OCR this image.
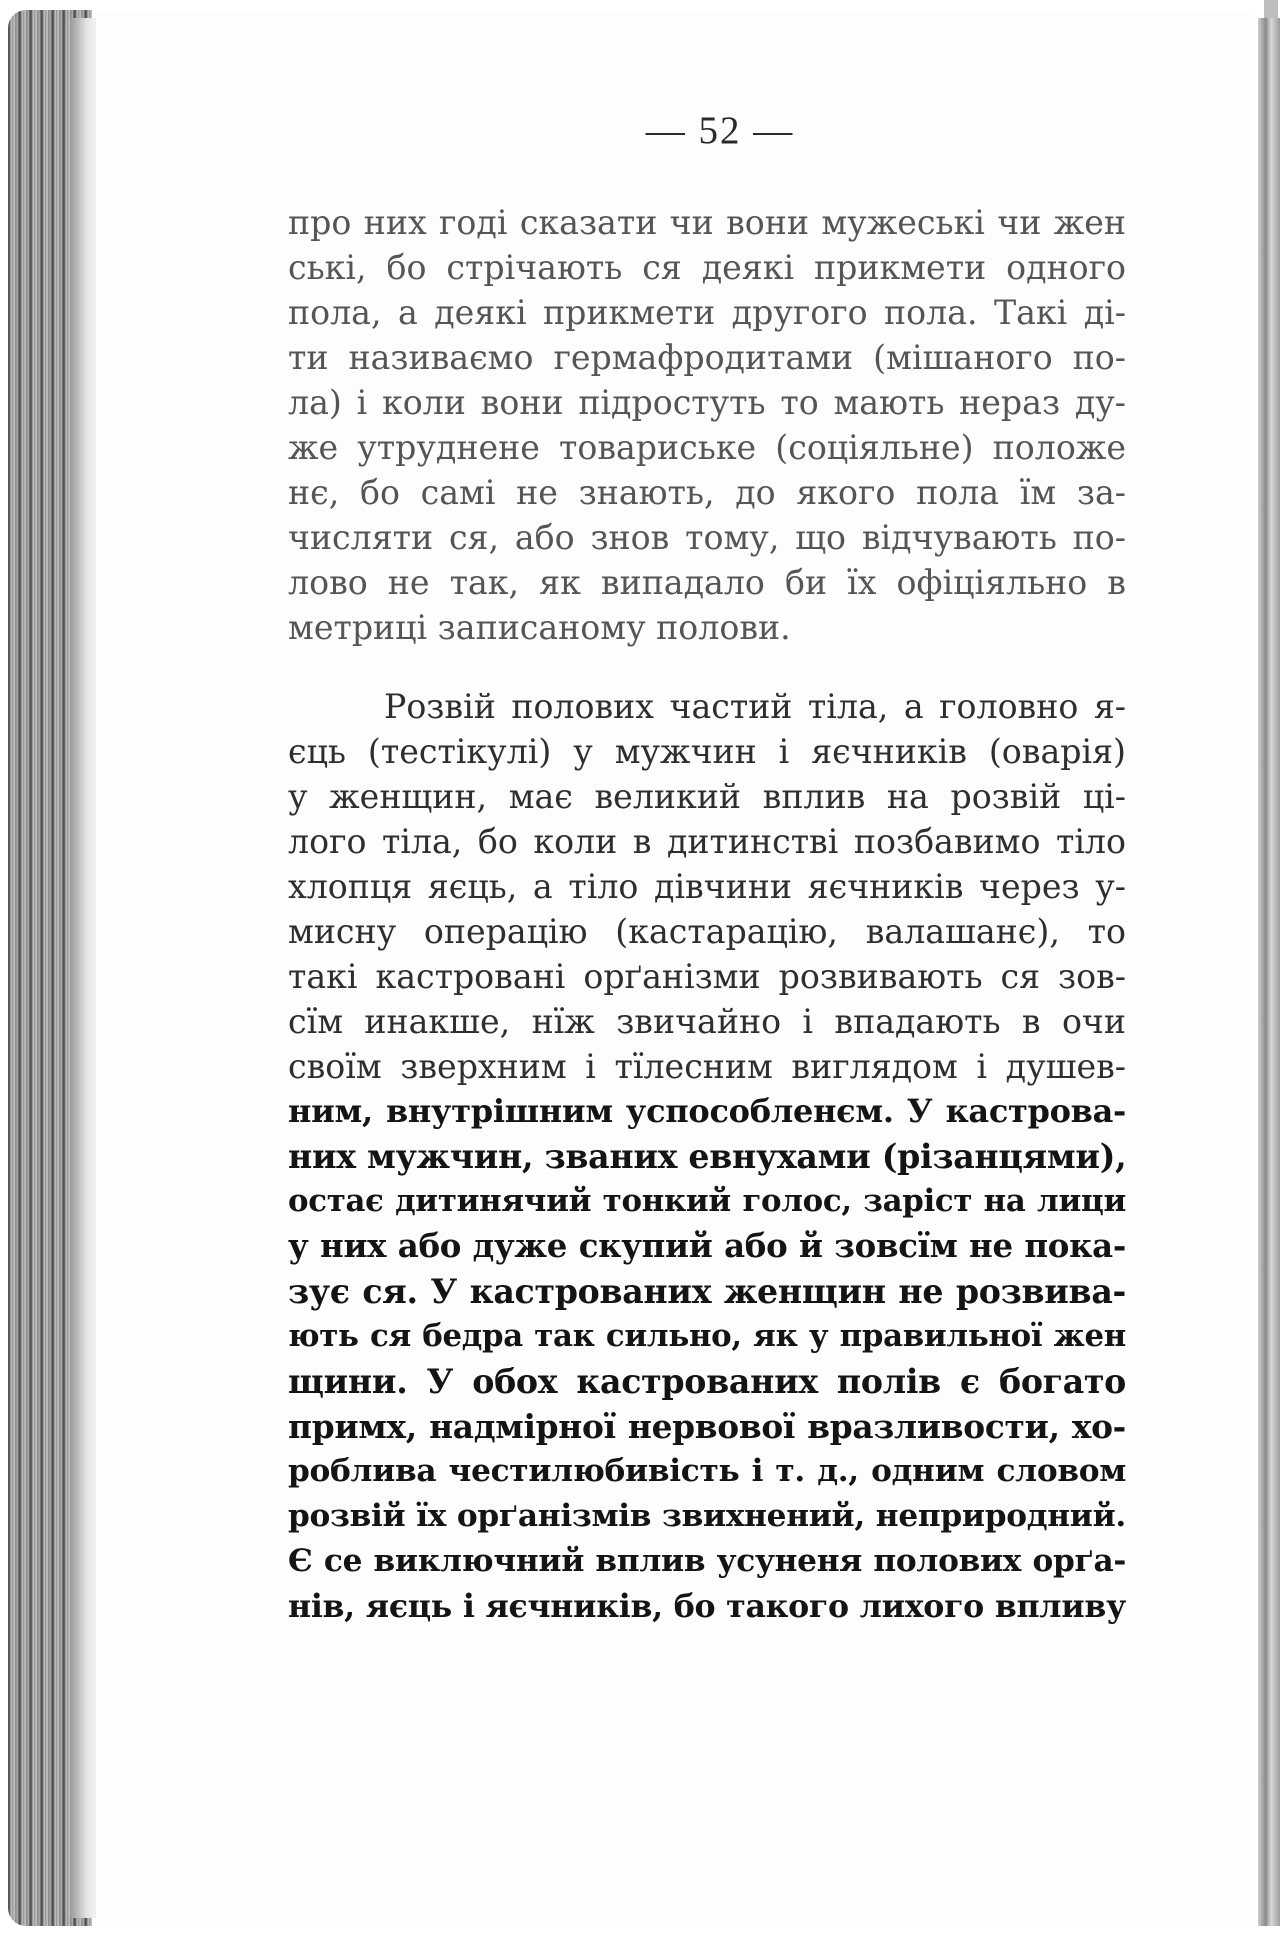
— 52 —
про них годі сказати чи вони мужеські чи жен
ські, бо стрічають ся деякі прикмети одного
пола, а деякі прикмети другого пола. Такі ді-
ти називаємо гермафродитами (мішаного по-
ла) і коли вони підростуть то мають нераз ду-
же утруднене товариське (соціяльне) положе
нє, бо самі не знають, до якого пола їм за-
числяти ся, або знов тому, що відчувають по-
лово не так, як випадало би їх офіціяльно в
метриці записаному полови.
Розвій полових частий тіла, а головно я-
єць (тестікулі) у мужчин і яєчників (оварія)
у женщин, має великий вплив на розвій ці-
лого тіла, бо коли в дитинстві позбавимо тіло
хлопця яєць, а тіло дівчини яєчників через у-
мисну операцію (кастарацію, валашанє), то
такі кастровані орґанізми розвивають ся зов-
сїм инакше, нїж звичайно і впадають в очи
своїм зверхним і тїлесним виглядом і душев-
ним, внутрішним успособленєм. У кастрова-
них мужчин, званих евнухами (різанцями),
остає дитинячий тонкий голос, заріст на лици
у них або дуже скупий або й зовсїм не пока-
зує ся. У кастрованих женщин не розвива-
ють ся бедра так сильно, як у правильної жен
щини. У обох кастрованих полів є богато
примх, надмірної нервової вразливости, хо-
роблива честилюбивість і т. д., одним словом
розвій їх орґанізмів звихнений, неприродний.
Є се виключний вплив усуненя полових орґа-
нів, яєць і яєчників, бо такого лихого впливу
